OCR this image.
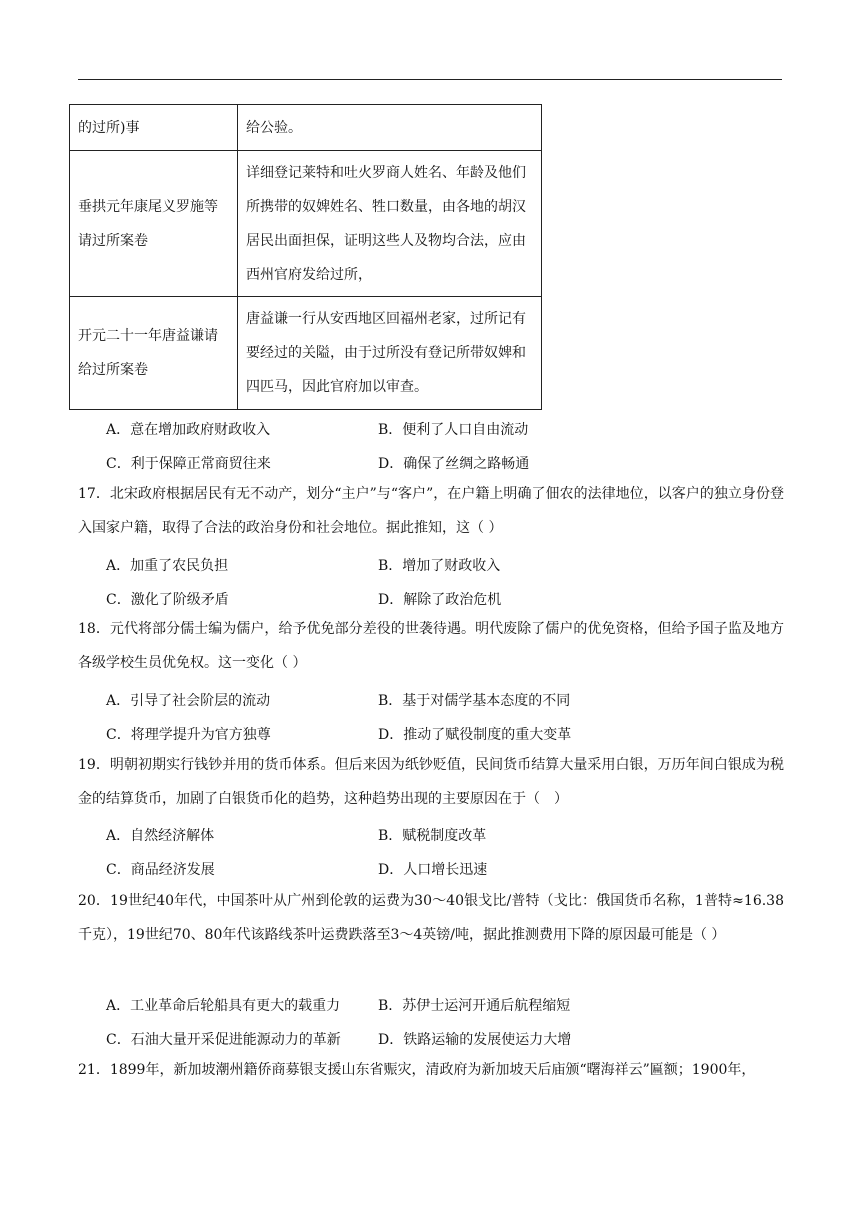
的过所)事	给公验。
垂拱元年康尾义罗施等请过所案卷	详细登记莱特和吐火罗商人姓名、年龄及他们所携带的奴婢姓名、牲口数量，由各地的胡汉居民出面担保，证明这些人及物均合法，应由西州官府发给过所，
开元二十一年唐益谦请给过所案卷	唐益谦一行从安西地区回福州老家，过所记有要经过的关隘，由于过所没有登记所带奴婢和四匹马，因此官府加以审查。
A．意在增加政府财政收入	B．便利了人口自由流动
C．利于保障正常商贸往来	D．确保了丝绸之路畅通
17．北宋政府根据居民有无不动产，划分“主户”与“客户”，在户籍上明确了佃农的法律地位，以客户的独立身份登入国家户籍，取得了合法的政治身份和社会地位。据此推知，这（ ）
A．加重了农民负担	B．增加了财政收入
C．激化了阶级矛盾	D．解除了政治危机
18．元代将部分儒士编为儒户，给予优免部分差役的世袭待遇。明代废除了儒户的优免资格，但给予国子监及地方各级学校生员优免权。这一变化（ ）
A．引导了社会阶层的流动	B．基于对儒学基本态度的不同
C．将理学提升为官方独尊	D．推动了赋役制度的重大变革
19．明朝初期实行钱钞并用的货币体系。但后来因为纸钞贬值，民间货币结算大量采用白银，万历年间白银成为税金的结算货币，加剧了白银货币化的趋势，这种趋势出现的主要原因在于（　）
A．自然经济解体	B．赋税制度改革
C．商品经济发展	D．人口增长迅速
20．19世纪40年代，中国茶叶从广州到伦敦的运费为30～40银戈比/普特（戈比：俄国货币名称，1普特≈16.38千克），19世纪70、80年代该路线茶叶运费跌落至3～4英镑/吨，据此推测费用下降的原因最可能是（ ）
A．工业革命后轮船具有更大的载重力	B．苏伊士运河开通后航程缩短
C．石油大量开采促进能源动力的革新	D．铁路运输的发展使运力大增
21．1899年，新加坡潮州籍侨商募银支援山东省赈灾，清政府为新加坡天后庙颁“曙海祥云”匾额；1900年，
